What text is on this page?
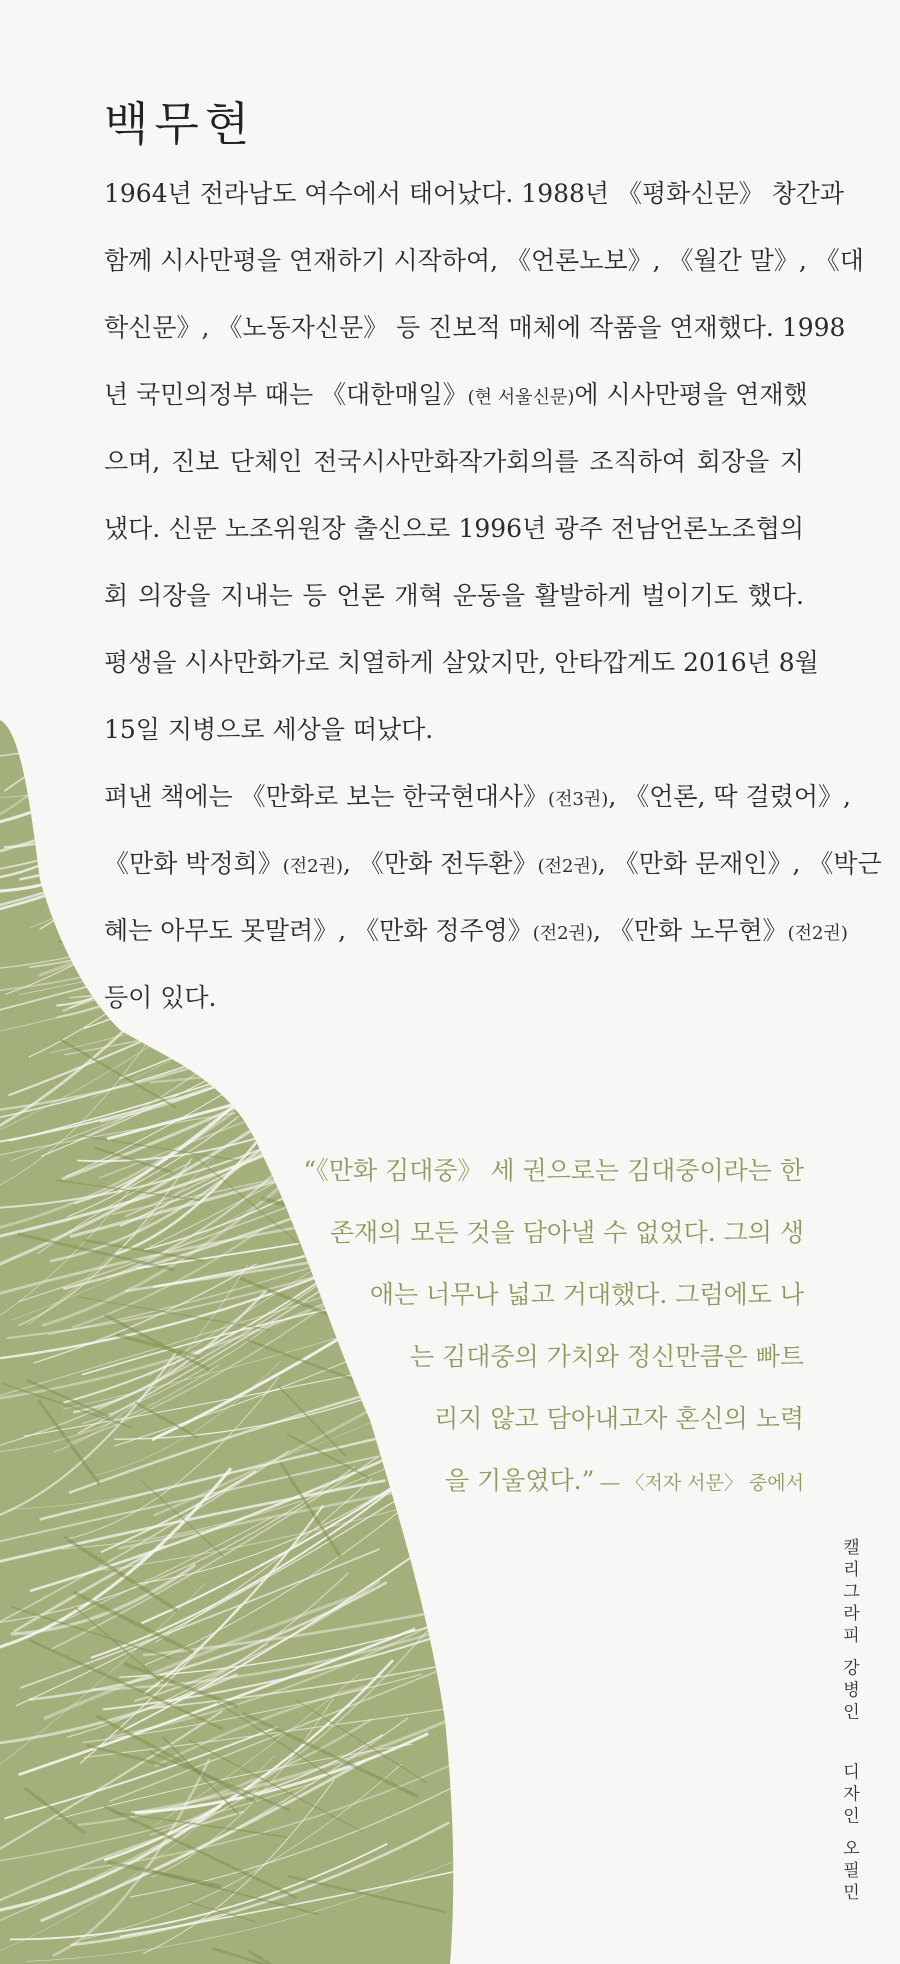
백무현
1964년 전라남도 여수에서 태어났다. 1988년 《평화신문》 창간과
함께 시사만평을 연재하기 시작하여, 《언론노보》, 《월간 말》, 《대
학신문》, 《노동자신문》 등 진보적 매체에 작품을 연재했다. 1998
년 국민의정부 때는 《대한매일》(현 서울신문)에 시사만평을 연재했
으며, 진보 단체인 전국시사만화작가회의를 조직하여 회장을 지
냈다. 신문 노조위원장 출신으로 1996년 광주 전남언론노조협의
회 의장을 지내는 등 언론 개혁 운동을 활발하게 벌이기도 했다.
평생을 시사만화가로 치열하게 살았지만, 안타깝게도 2016년 8월
15일 지병으로 세상을 떠났다.
펴낸 책에는 《만화로 보는 한국현대사》(전3권), 《언론, 딱 걸렸어》,
《만화 박정희》(전2권), 《만화 전두환》(전2권), 《만화 문재인》, 《박근
혜는 아무도 못말려》, 《만화 정주영》(전2권), 《만화 노무현》(전2권)
등이 있다.
“《만화 김대중》 세 권으로는 김대중이라는 한
존재의 모든 것을 담아낼 수 없었다. 그의 생
애는 너무나 넓고 거대했다. 그럼에도 나
는 김대중의 가치와 정신만큼은 빠트
리지 않고 담아내고자 혼신의 노력
을 기울였다.” ― 〈저자 서문〉 중에서
캘리그라피 강병인디자인 오필민
